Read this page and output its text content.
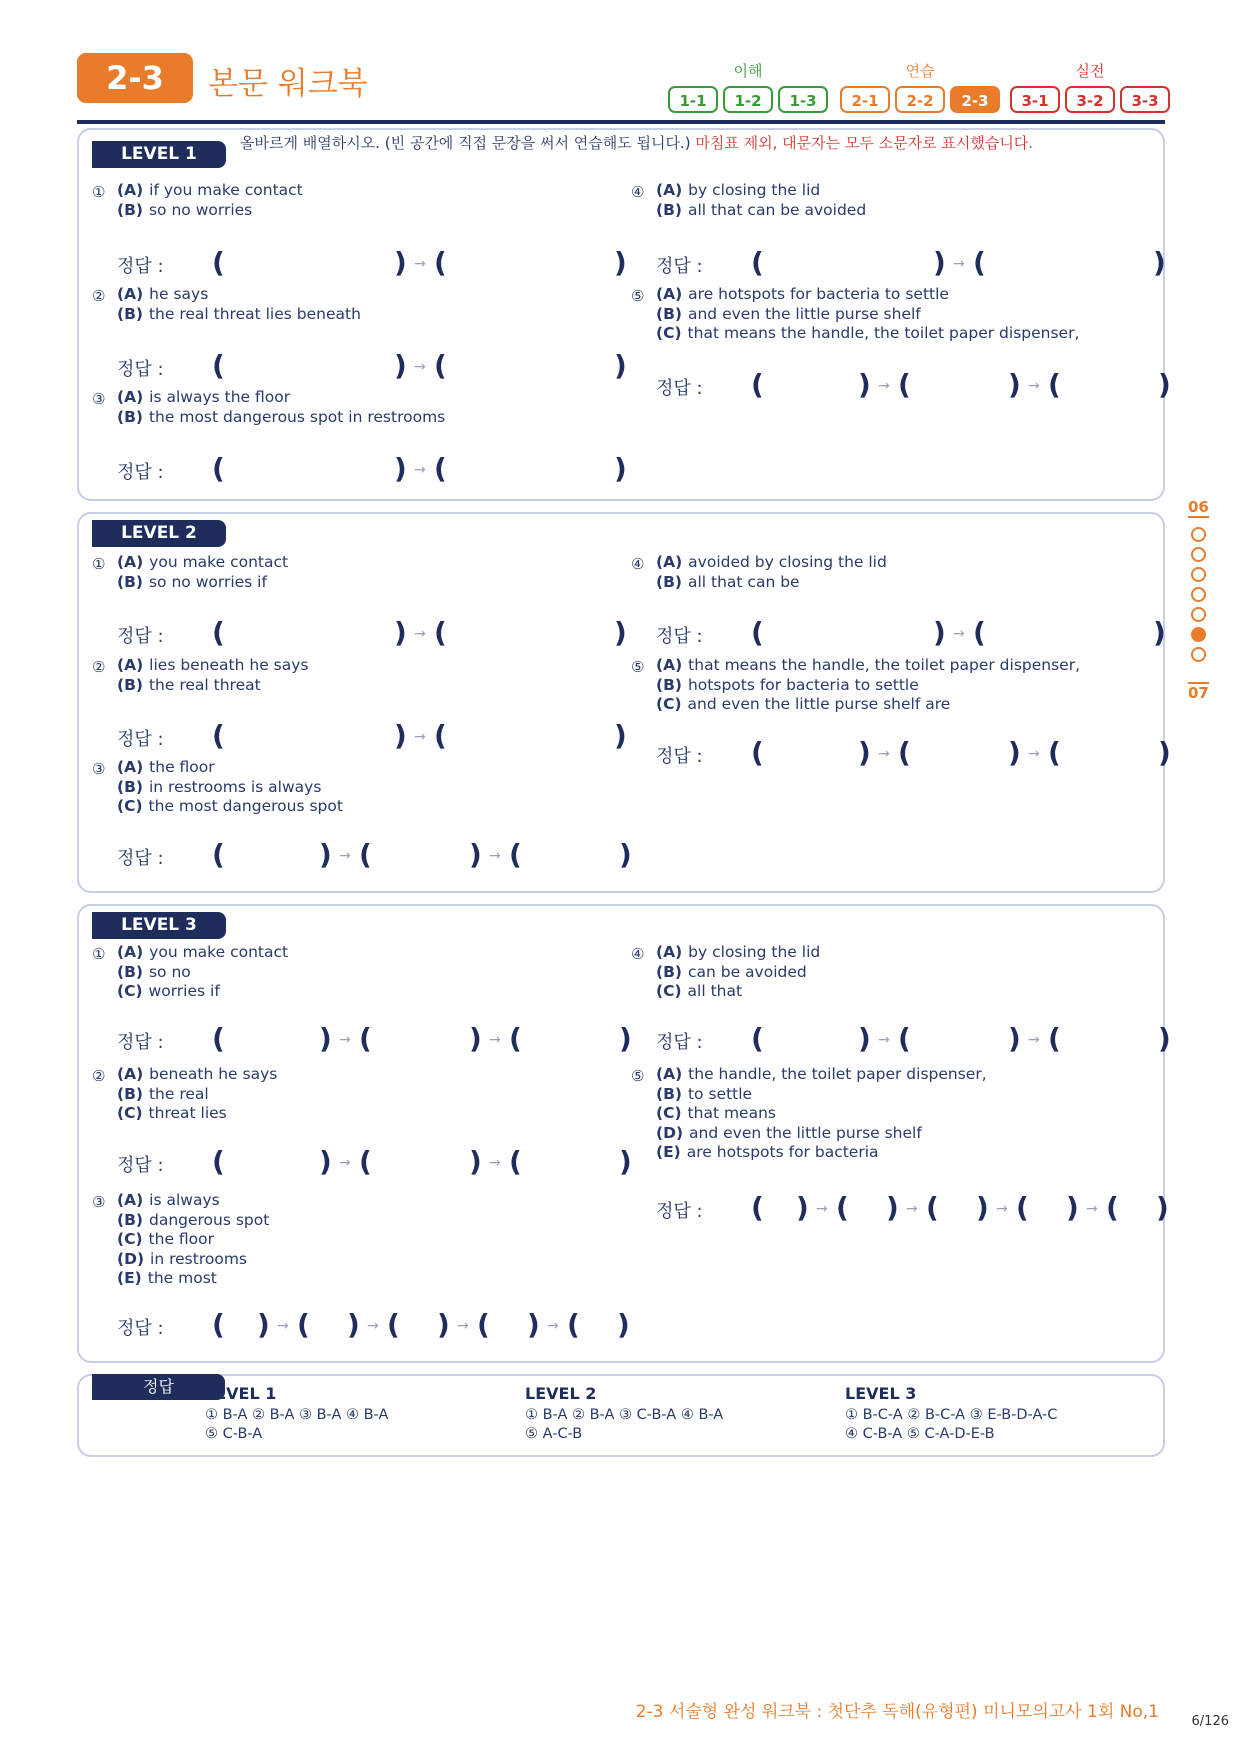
2-3	본문 워크북	이해	연습	실전
1-1	1-2	1-3	2-1	2-2	2-3	3-1	3-2	3-3
LEVEL 1
LEVEL 2
LEVEL 3
올바르게 배열하시오. (빈 공간에 직접 문장을 써서 연습해도 됩니다.) 마침표 제외, 대문자는 모두 소문자로 표시했습니다.
① (A) if you make contact
(B) so no worries
정답 : (	) (	)
→
② (A) he says
(B) the real threat lies beneath
정답 : (	) (	)
→
③ (A) is always the floor
(B) the most dangerous spot in restrooms
정답 : (	) (	)
→
④ (A) by closing the lid
(B) all that can be avoided
정답 : (	) (	)
→
⑤ (A) are hotspots for bacteria to settle
(B) and even the little purse shelf
(C) that means the handle, the toilet paper dispenser,
정답 : (	) (	) (	)
→	→
① (A) you make contact
(B) so no worries if
정답 : (	) (	)
→
② (A) lies beneath he says
(B) the real threat
정답 : (	) (	)
→
③ (A) the floor
(B) in restrooms is always
(C) the most dangerous spot
정답 : (	) (	) (	)
→	→
④ (A) avoided by closing the lid
(B) all that can be
정답 : (	) (	)
→
⑤ (A) that means the handle, the toilet paper dispenser,
(B) hotspots for bacteria to settle
(C) and even the little purse shelf are
정답 : (	) (	) (	)
→	→
① (A) you make contact
(B) so no
(C) worries if
정답 : (	) (	) (	)
→	→
② (A) beneath he says
(B) the real
(C) threat lies
정답 : (	) (	) (	)
→	→
③ (A) is always
(B) dangerous spot
(C) the floor
(D) in restrooms
(E) the most
정답 : ( ) ( ) ( ) ( ) ( )
→	→	→	→
④ (A) by closing the lid
(B) can be avoided
(C) all that
정답 : (	) (	) (	)
→	→
⑤ (A) the handle, the toilet paper dispenser,
(B) to settle
(C) that means
(D) and even the little purse shelf
(E) are hotspots for bacteria
정답 : ( ) ( ) ( ) ( ) ( )
→	→	→	→
06
07
정답	LEVEL 1
① B-A ② B-A ③ B-A ④ B-A
⑤ C-B-A
LEVEL 2
① B-A ② B-A ③ C-B-A ④ B-A
⑤ A-C-B
LEVEL 3
① B-C-A ② B-C-A ③ E-B-D-A-C
④ C-B-A ⑤ C-A-D-E-B
2-3 서술형 완성 워크북 : 첫단추 독해(유형편) 미니모의고사 1회 No,1	6/126
